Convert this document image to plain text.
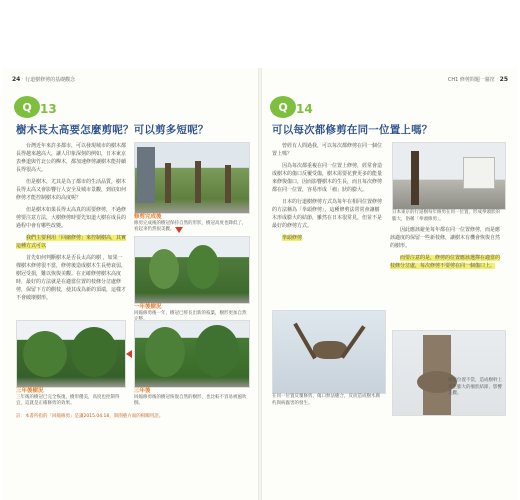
24 ‧ 行道樹修剪的基礎觀念	CH1 修剪問題一籮筐 ‧ 25
Q 13
樹木長太高要怎麼剪呢？可以剪多短呢？

台灣近年來許多都市，可以發現城市的樹木都長得越來越高大，讓人印象深刻的例如，日本東京表參道與竹北公的櫸木，都加速修剪讓樹木能持續長得很高大。

但是樹木，尤其是為了都市的生活品質，樹木長得太高又會影響行人安全及城市景觀，到底如何修剪才能控制樹木的高度呢？

但是樹木如果長得太高真的需要修剪，不過修剪要注意方法，大樹修剪時要先知道大樹在成長的過程中會有哪些改變。

我們主要利用「回縮修剪」來控制樹高，其實這種方式可以

首先如何判斷樹木是否長太高的樹 ，如果一棵樹木修剪很不當，修剪後造成樹木生長勢衰弱，樹冠受損，難以恢復美觀。在正確修剪樹木高度時，最好的方法就是在適當位置的枝條分岔處修剪，保留下方的側枝，使其成為新的頂端，這樣才不會破壞樹形。

修剪完成後
修剪完成後的樹冠保持自然的形狀，樹冠高度也降低了，看起來仍然很美觀。
一年後樹況
回縮修剪後一年，樹冠已經長出新的枝葉，樹形更加自然
三年後樹況
三年後的樹冠已完全恢復，樹形優美，高度也控制得宜，這就是正確修剪的效果。
三年後
回縮修剪後的樹冠恢復自然的樹形，也比較不容易被風吹倒。
註：本書所指的「回縮修剪」是讓2015.04.18，與園藝方面的相關用語。
Q 14
可以每次都修剪在同一位置上嗎？

曾經有人問過我，可以每次都修剪在同一個位置上嗎？

因為每次都重複在同一位置上修剪，經常會造成樹木的傷口反覆受傷，樹木需要花費更多的能量來修復傷口，因而影響樹木的生長，而且每次修剪都在同一位置，容易形成「瘤」狀的膨大。

日本的行道樹修剪方式為每年在相同位置修剪的方法稱為「拳頭修剪」，這種修剪法常常會讓樹木形成膨大的結節，雖然在日本很常見，但並不是最好的修剪方式。

拳頭修剪

因此應該避免每年都在同一位置修剪，而是應該適度的保留一些新枝條，讓樹木有機會恢復自然的樹形。

而要注意的是，修剪的位置應該選擇在適當的枝條分岔處，每次修剪不要剪在同一個傷口上。

日本東京的行道樹每年修剪在同一位置，形成拳頭狀的膨大，俗稱「拳頭修剪」。
在同一位置反覆修剪，傷口無法癒合，反而造成樹木腐朽與病蟲害的發生。
修剪位置不當，造成樹幹上產生膨大的瘤狀結節，影響美觀。
